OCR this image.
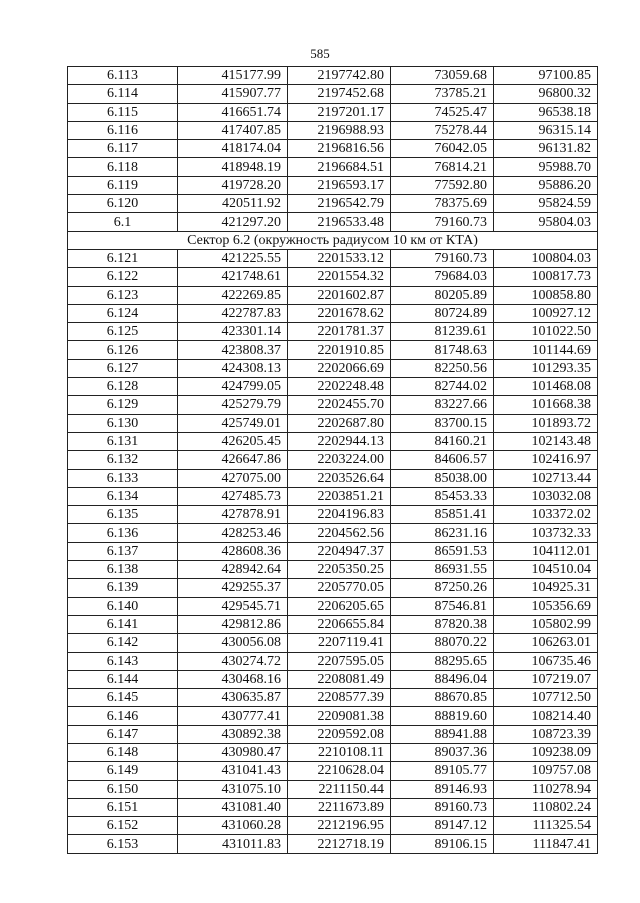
585
6.113	415177.99	2197742.80	73059.68	97100.85
6.114	415907.77	2197452.68	73785.21	96800.32
6.115	416651.74	2197201.17	74525.47	96538.18
6.116	417407.85	2196988.93	75278.44	96315.14
6.117	418174.04	2196816.56	76042.05	96131.82
6.118	418948.19	2196684.51	76814.21	95988.70
6.119	419728.20	2196593.17	77592.80	95886.20
6.120	420511.92	2196542.79	78375.69	95824.59
6.1	421297.20	2196533.48	79160.73	95804.03
Сектор 6.2 (окружность радиусом 10 км от КТА)				
6.121	421225.55	2201533.12	79160.73	100804.03
6.122	421748.61	2201554.32	79684.03	100817.73
6.123	422269.85	2201602.87	80205.89	100858.80
6.124	422787.83	2201678.62	80724.89	100927.12
6.125	423301.14	2201781.37	81239.61	101022.50
6.126	423808.37	2201910.85	81748.63	101144.69
6.127	424308.13	2202066.69	82250.56	101293.35
6.128	424799.05	2202248.48	82744.02	101468.08
6.129	425279.79	2202455.70	83227.66	101668.38
6.130	425749.01	2202687.80	83700.15	101893.72
6.131	426205.45	2202944.13	84160.21	102143.48
6.132	426647.86	2203224.00	84606.57	102416.97
6.133	427075.00	2203526.64	85038.00	102713.44
6.134	427485.73	2203851.21	85453.33	103032.08
6.135	427878.91	2204196.83	85851.41	103372.02
6.136	428253.46	2204562.56	86231.16	103732.33
6.137	428608.36	2204947.37	86591.53	104112.01
6.138	428942.64	2205350.25	86931.55	104510.04
6.139	429255.37	2205770.05	87250.26	104925.31
6.140	429545.71	2206205.65	87546.81	105356.69
6.141	429812.86	2206655.84	87820.38	105802.99
6.142	430056.08	2207119.41	88070.22	106263.01
6.143	430274.72	2207595.05	88295.65	106735.46
6.144	430468.16	2208081.49	88496.04	107219.07
6.145	430635.87	2208577.39	88670.85	107712.50
6.146	430777.41	2209081.38	88819.60	108214.40
6.147	430892.38	2209592.08	88941.88	108723.39
6.148	430980.47	2210108.11	89037.36	109238.09
6.149	431041.43	2210628.04	89105.77	109757.08
6.150	431075.10	2211150.44	89146.93	110278.94
6.151	431081.40	2211673.89	89160.73	110802.24
6.152	431060.28	2212196.95	89147.12	111325.54
6.153	431011.83	2212718.19	89106.15	111847.41
